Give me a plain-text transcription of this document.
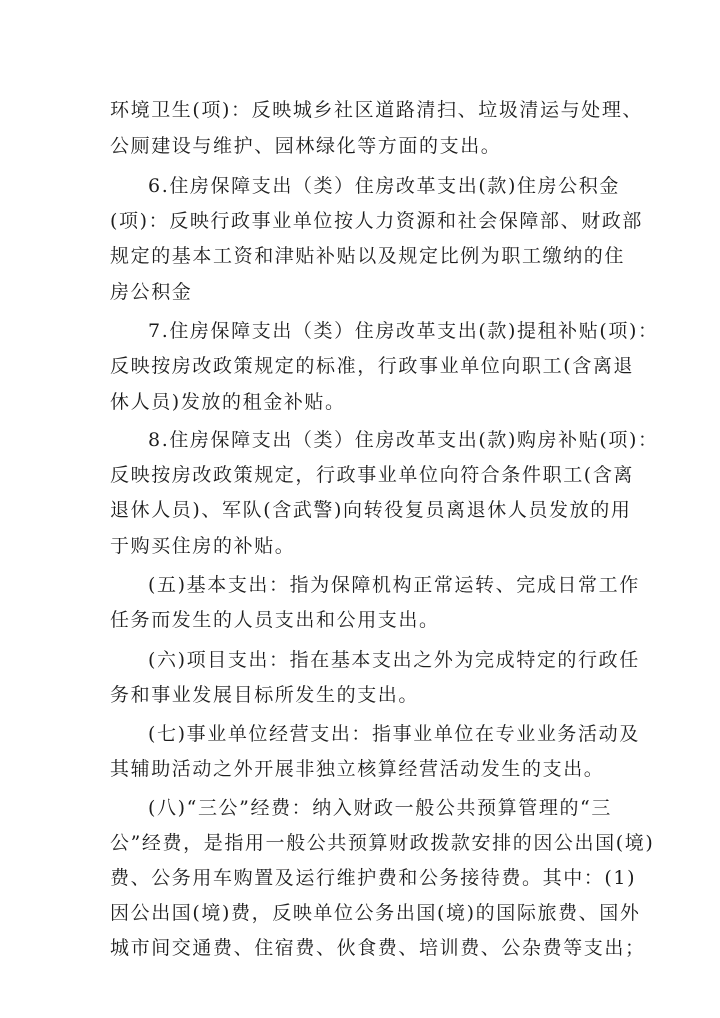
环境卫生(项)：反映城乡社区道路清扫、垃圾清运与处理、
公厕建设与维护、园林绿化等方面的支出。
6.住房保障支出（类）住房改革支出(款)住房公积金
(项)：反映行政事业单位按人力资源和社会保障部、财政部
规定的基本工资和津贴补贴以及规定比例为职工缴纳的住
房公积金
7.住房保障支出（类）住房改革支出(款)提租补贴(项)：
反映按房改政策规定的标准，行政事业单位向职工(含离退
休人员)发放的租金补贴。
8.住房保障支出（类）住房改革支出(款)购房补贴(项)：
反映按房改政策规定，行政事业单位向符合条件职工(含离
退休人员)、军队(含武警)向转役复员离退休人员发放的用
于购买住房的补贴。
(五)基本支出：指为保障机构正常运转、完成日常工作
任务而发生的人员支出和公用支出。
(六)项目支出：指在基本支出之外为完成特定的行政任
务和事业发展目标所发生的支出。
(七)事业单位经营支出：指事业单位在专业业务活动及
其辅助活动之外开展非独立核算经营活动发生的支出。
(八)“三公”经费：纳入财政一般公共预算管理的“三
公”经费，是指用一般公共预算财政拨款安排的因公出国(境)
费、公务用车购置及运行维护费和公务接待费。其中：(1)
因公出国(境)费，反映单位公务出国(境)的国际旅费、国外
城市间交通费、住宿费、伙食费、培训费、公杂费等支出；
